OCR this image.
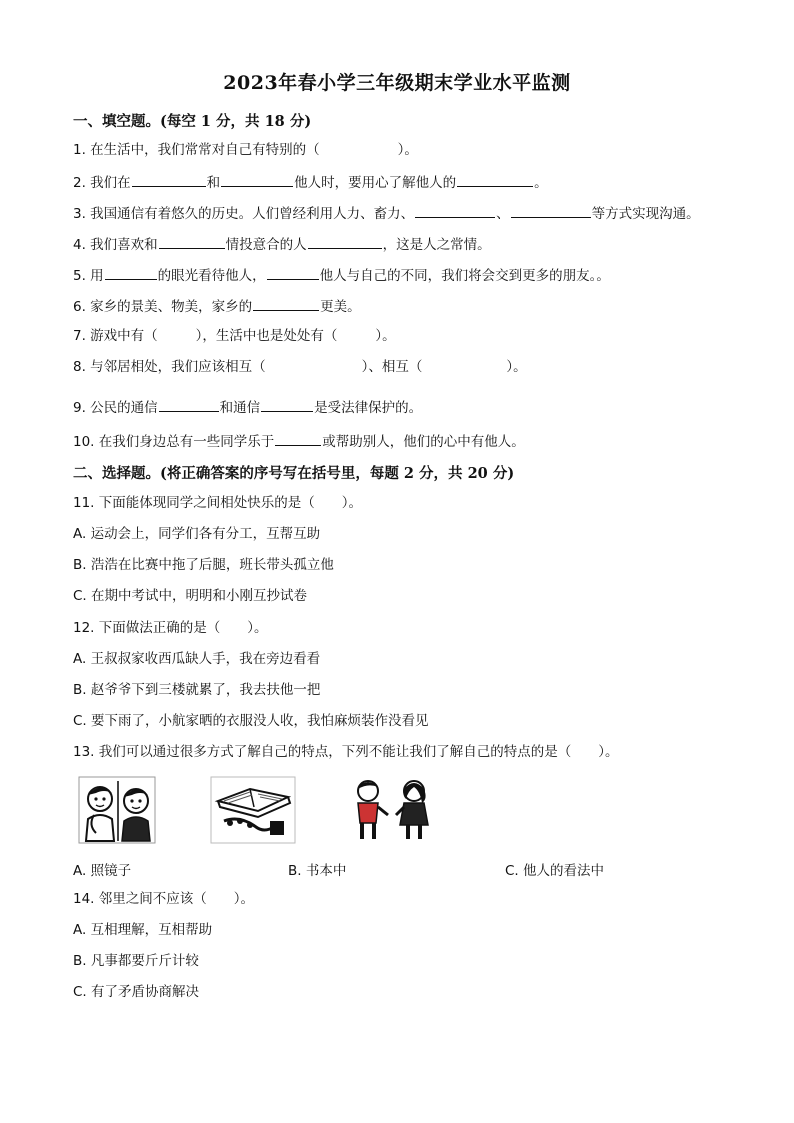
2023年春小学三年级期末学业水平监测
一、填空题。(每空 1 分，共 18 分)
1. 在生活中，我们常常对自己有特别的（	）。
2. 我们在	和	他人时，要用心了解他人的	。
3. 我国通信有着悠久的历史。人们曾经利用人力、畜力、	、	等方式实现沟通。
4. 我们喜欢和	情投意合的人	，这是人之常情。
5. 用	的眼光看待他人，	他人与自己的不同，我们将会交到更多的朋友。。
6. 家乡的景美、物美，家乡的	更美。
7. 游戏中有（	），生活中也是处处有（	）。
8. 与邻居相处，我们应该相互（	）、相互（	）。
9. 公民的通信	和通信	是受法律保护的。
10. 在我们身边总有一些同学乐于	或帮助别人，他们的心中有他人。
二、选择题。(将正确答案的序号写在括号里，每题 2 分，共 20 分)
11. 下面能体现同学之间相处快乐的是（　　）。
A. 运动会上，同学们各有分工，互帮互助
B. 浩浩在比赛中拖了后腿，班长带头孤立他
C. 在期中考试中，明明和小刚互抄试卷
12. 下面做法正确的是（　　）。
A. 王叔叔家收西瓜缺人手，我在旁边看看
B. 赵爷爷下到三楼就累了，我去扶他一把
C. 要下雨了，小航家晒的衣服没人收，我怕麻烦装作没看见
13. 我们可以通过很多方式了解自己的特点，下列不能让我们了解自己的特点的是（　　）。
A. 照镜子	B. 书本中	C. 他人的看法中
14. 邻里之间不应该（　　）。
A. 互相理解，互相帮助
B. 凡事都要斤斤计较
C. 有了矛盾协商解决
